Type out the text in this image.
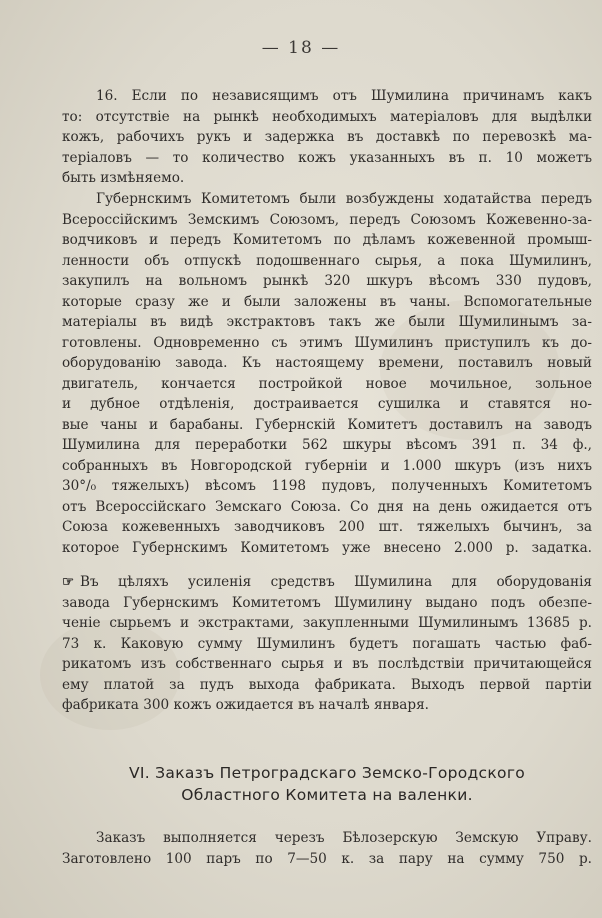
— 18 —
16. Если по независящимъ отъ Шумилина причинамъ какъ
то: отсутствіе на рынкѣ необходимыхъ матеріаловъ для выдѣлки
кожъ, рабочихъ рукъ и задержка въ доставкѣ по перевозкѣ ма-
теріаловъ — то количество кожъ указанныхъ въ п. 10 можетъ
быть измѣняемо.
Губернскимъ Комитетомъ были возбуждены ходатайства передъ
Всероссійскимъ Земскимъ Союзомъ, передъ Союзомъ Кожевенно-за-
водчиковъ и передъ Комитетомъ по дѣламъ кожевенной промыш-
ленности объ отпускѣ подошвеннаго сырья, а пока Шумилинъ,
закупилъ на вольномъ рынкѣ 320 шкуръ вѣсомъ 330 пудовъ,
которые сразу же и были заложены въ чаны. Вспомогательные
матеріалы въ видѣ экстрактовъ такъ же были Шумилинымъ за-
готовлены. Одновременно съ этимъ Шумилинъ приступилъ къ до-
оборудованію завода. Къ настоящему времени, поставилъ новый
двигатель, кончается постройкой новое мочильное, зольное
и дубное отдѣленія, достраивается сушилка и ставятся но-
вые чаны и барабаны. Губернскій Комитетъ доставилъ на заводъ
Шумилина для переработки 562 шкуры вѣсомъ 391 п. 34 ф.,
собранныхъ въ Новгородской губерніи и 1.000 шкуръ (изъ нихъ
30°/₀ тяжелыхъ) вѣсомъ 1198 пудовъ, полученныхъ Комитетомъ
отъ Всероссійскаго Земскаго Союза. Со дня на день ожидается отъ
Союза кожевенныхъ заводчиковъ 200 шт. тяжелыхъ бычинъ, за
которое Губернскимъ Комитетомъ уже внесено 2.000 р. задатка.
☞ Въ цѣляхъ усиленія средствъ Шумилина для оборудованія
завода Губернскимъ Комитетомъ Шумилину выдано подъ обезпе-
ченіе сырьемъ и экстрактами, закупленными Шумилинымъ 13685 р.
73 к. Каковую сумму Шумилинъ будетъ погашать частью фаб-
рикатомъ изъ собственнаго сырья и въ послѣдствіи причитающейся
ему платой за пудъ выхода фабриката. Выходъ первой партіи
фабриката 300 кожъ ожидается въ началѣ января.
VI. Заказъ Петроградскаго Земско-Городского
Областного Комитета на валенки.
Заказъ выполняется черезъ Бѣлозерскую Земскую Управу.
Заготовлено 100 паръ по 7—50 к. за пару на сумму 750 р.
